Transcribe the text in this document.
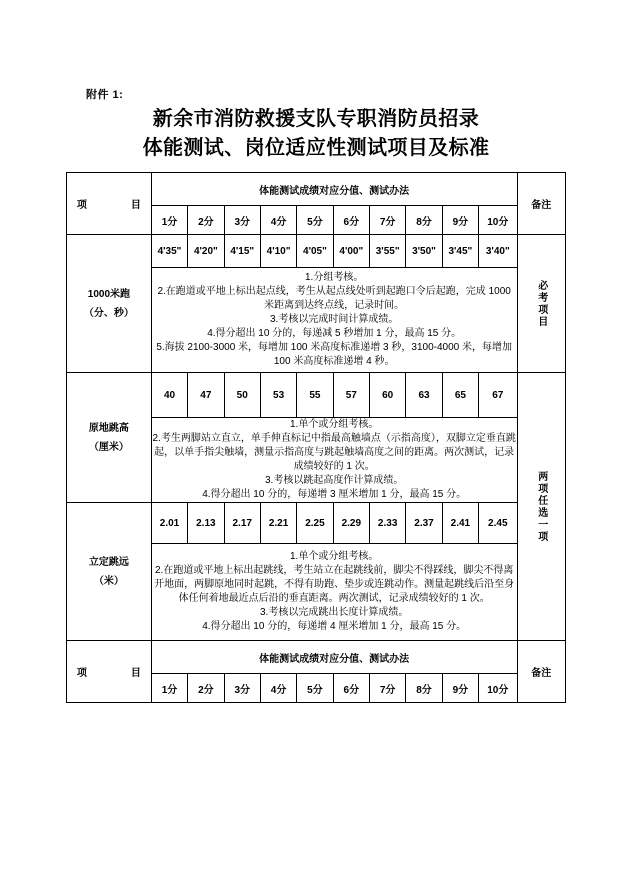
附件 1:
新余市消防救援支队专职消防员招录
体能测试、岗位适应性测试项目及标准
项　　目	体能测试成绩对应分值、测试办法										备注
	1分	2分	3分	4分	5分	6分	7分	8分	9分	10分	

1000米跑
（分、秒）	4'35"	4'20"	4'15"	4'10"	4'05"	4'00"	3'55"	3'50"	3'45"	3'40"	必考项目

	1.分组考核。

2.在跑道或平地上标出起点线，考生从起点线处听到起跑口令后起跑，完成 1000 米距离到达终点线，记录时间。

3.考核以完成时间计算成绩。

4.得分超出 10 分的，每递减 5 秒增加 1 分，最高 15 分。

5.海拔 2100-3000 米，每增加 100 米高度标准递增 3 秒，3100-4000 米，每增加 100 米高度标准递增 4 秒。										

原地跳高
（厘米）	40	47	50	53	55	57	60	63	65	67	两项任选一项

	1.单个或分组考核。

2.考生两脚站立直立，单手伸直标记中指最高触墙点（示指高度），双脚立定垂直跳起，以单手指尖触墙，测量示指高度与跳起触墙高度之间的距离。两次测试，记录成绩较好的 1 次。

3.考核以跳起高度作计算成绩。

4.得分超出 10 分的，每递增 3 厘米增加 1 分，最高 15 分。										

立定跳远
（米）	2.01	2.13	2.17	2.21	2.25	2.29	2.33	2.37	2.41	2.45	

	1.单个或分组考核。

2.在跑道或平地上标出起跳线，考生站立在起跳线前，脚尖不得踩线，脚尖不得离开地面，两脚原地同时起跳，不得有助跑、垫步或连跳动作。测量起跳线后沿至身体任何着地最近点后沿的垂直距离。两次测试，记录成绩较好的 1 次。

3.考核以完成跳出长度计算成绩。

4.得分超出 10 分的，每递增 4 厘米增加 1 分，最高 15 分。										

项　　目	体能测试成绩对应分值、测试办法										备注
	1分	2分	3分	4分	5分	6分	7分	8分	9分	10分	
